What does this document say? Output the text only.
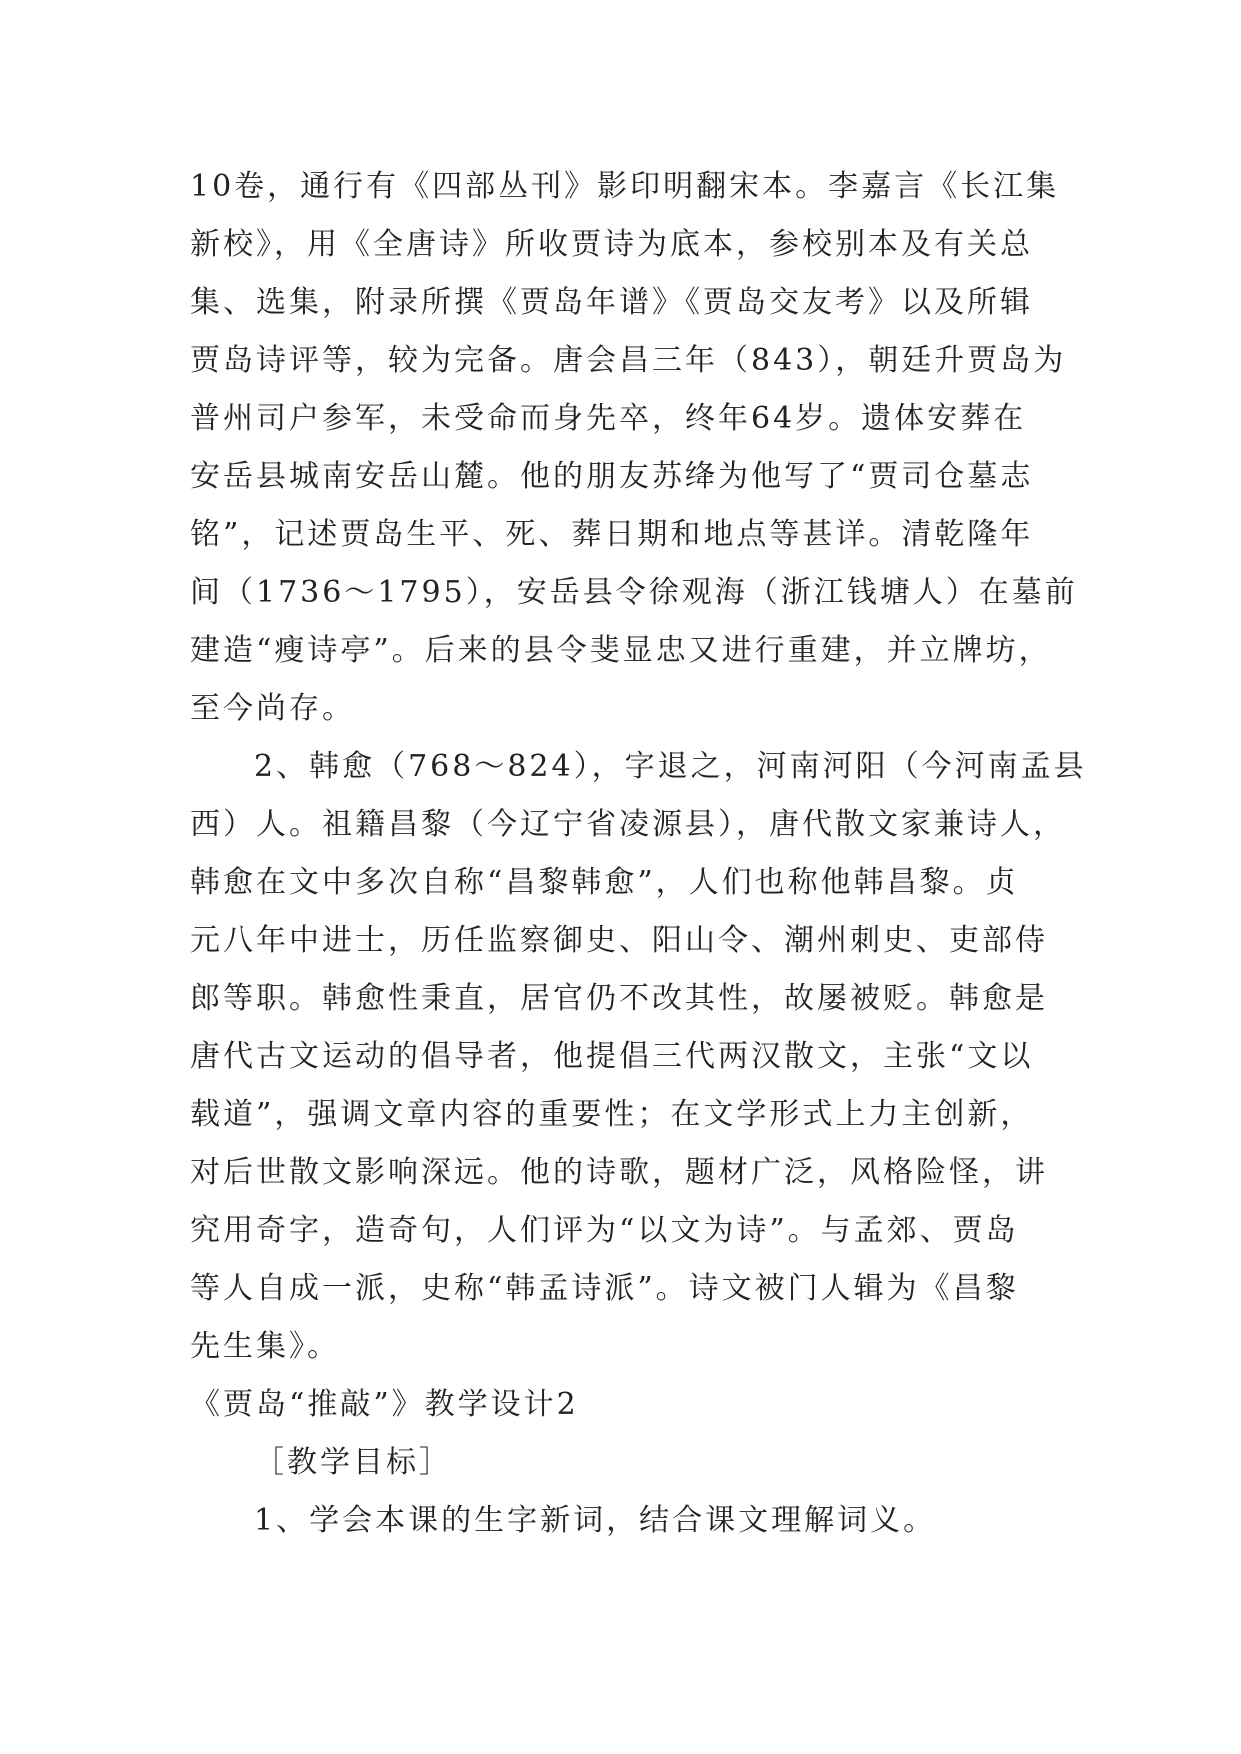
10卷，通行有《四部丛刊》影印明翻宋本。李嘉言《长江集
新校》，用《全唐诗》所收贾诗为底本，参校别本及有关总
集、选集，附录所撰《贾岛年谱》《贾岛交友考》以及所辑
贾岛诗评等，较为完备。唐会昌三年（843），朝廷升贾岛为
普州司户参军，未受命而身先卒，终年64岁。遗体安葬在
安岳县城南安岳山麓。他的朋友苏绛为他写了“贾司仓墓志
铭”，记述贾岛生平、死、葬日期和地点等甚详。清乾隆年
间（1736～1795），安岳县令徐观海（浙江钱塘人）在墓前
建造“瘦诗亭”。后来的县令斐显忠又进行重建，并立牌坊，
至今尚存。
2、韩愈（768～824），字退之，河南河阳（今河南孟县
西）人。祖籍昌黎（今辽宁省凌源县），唐代散文家兼诗人，
韩愈在文中多次自称“昌黎韩愈”，人们也称他韩昌黎。贞
元八年中进士，历任监察御史、阳山令、潮州刺史、吏部侍
郎等职。韩愈性秉直，居官仍不改其性，故屡被贬。韩愈是
唐代古文运动的倡导者，他提倡三代两汉散文，主张“文以
载道”，强调文章内容的重要性；在文学形式上力主创新，
对后世散文影响深远。他的诗歌，题材广泛，风格险怪，讲
究用奇字，造奇句，人们评为“以文为诗”。与孟郊、贾岛
等人自成一派，史称“韩孟诗派”。诗文被门人辑为《昌黎
先生集》。
《贾岛“推敲”》教学设计2
［教学目标］
1、学会本课的生字新词，结合课文理解词义。
